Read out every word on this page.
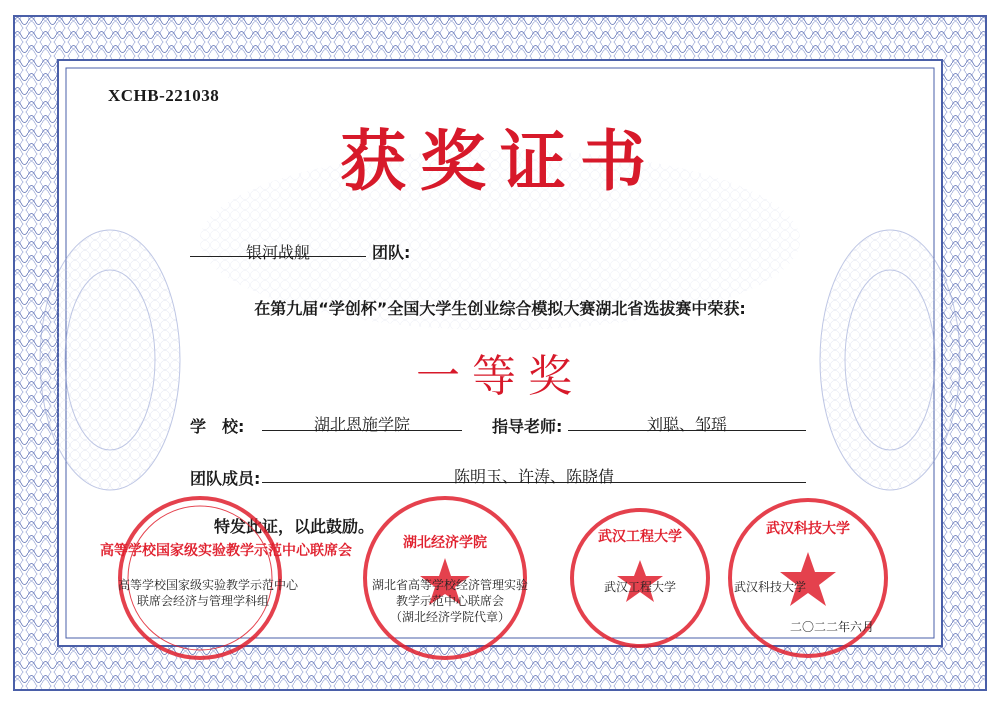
XCHB-221038
获奖证书
银河战舰	团队:
在第九届“学创杯”全国大学生创业综合模拟大赛湖北省选拔赛中荣获:
一等奖
学　校:	湖北恩施学院	指导老师:	刘聪、邹瑶
团队成员:	陈明玉、许涛、陈晓倩
特发此证，以此鼓励。
高等学校国家级实验教学示范中心联席会	湖北经济学院	武汉工程大学	武汉科技大学
高等学校国家级实验教学示范中心
联席会经济与管理学科组
湖北省高等学校经济管理实验
教学示范中心联席会
（湖北经济学院代章）
武汉工程大学	武汉科技大学
二〇二二年六月
